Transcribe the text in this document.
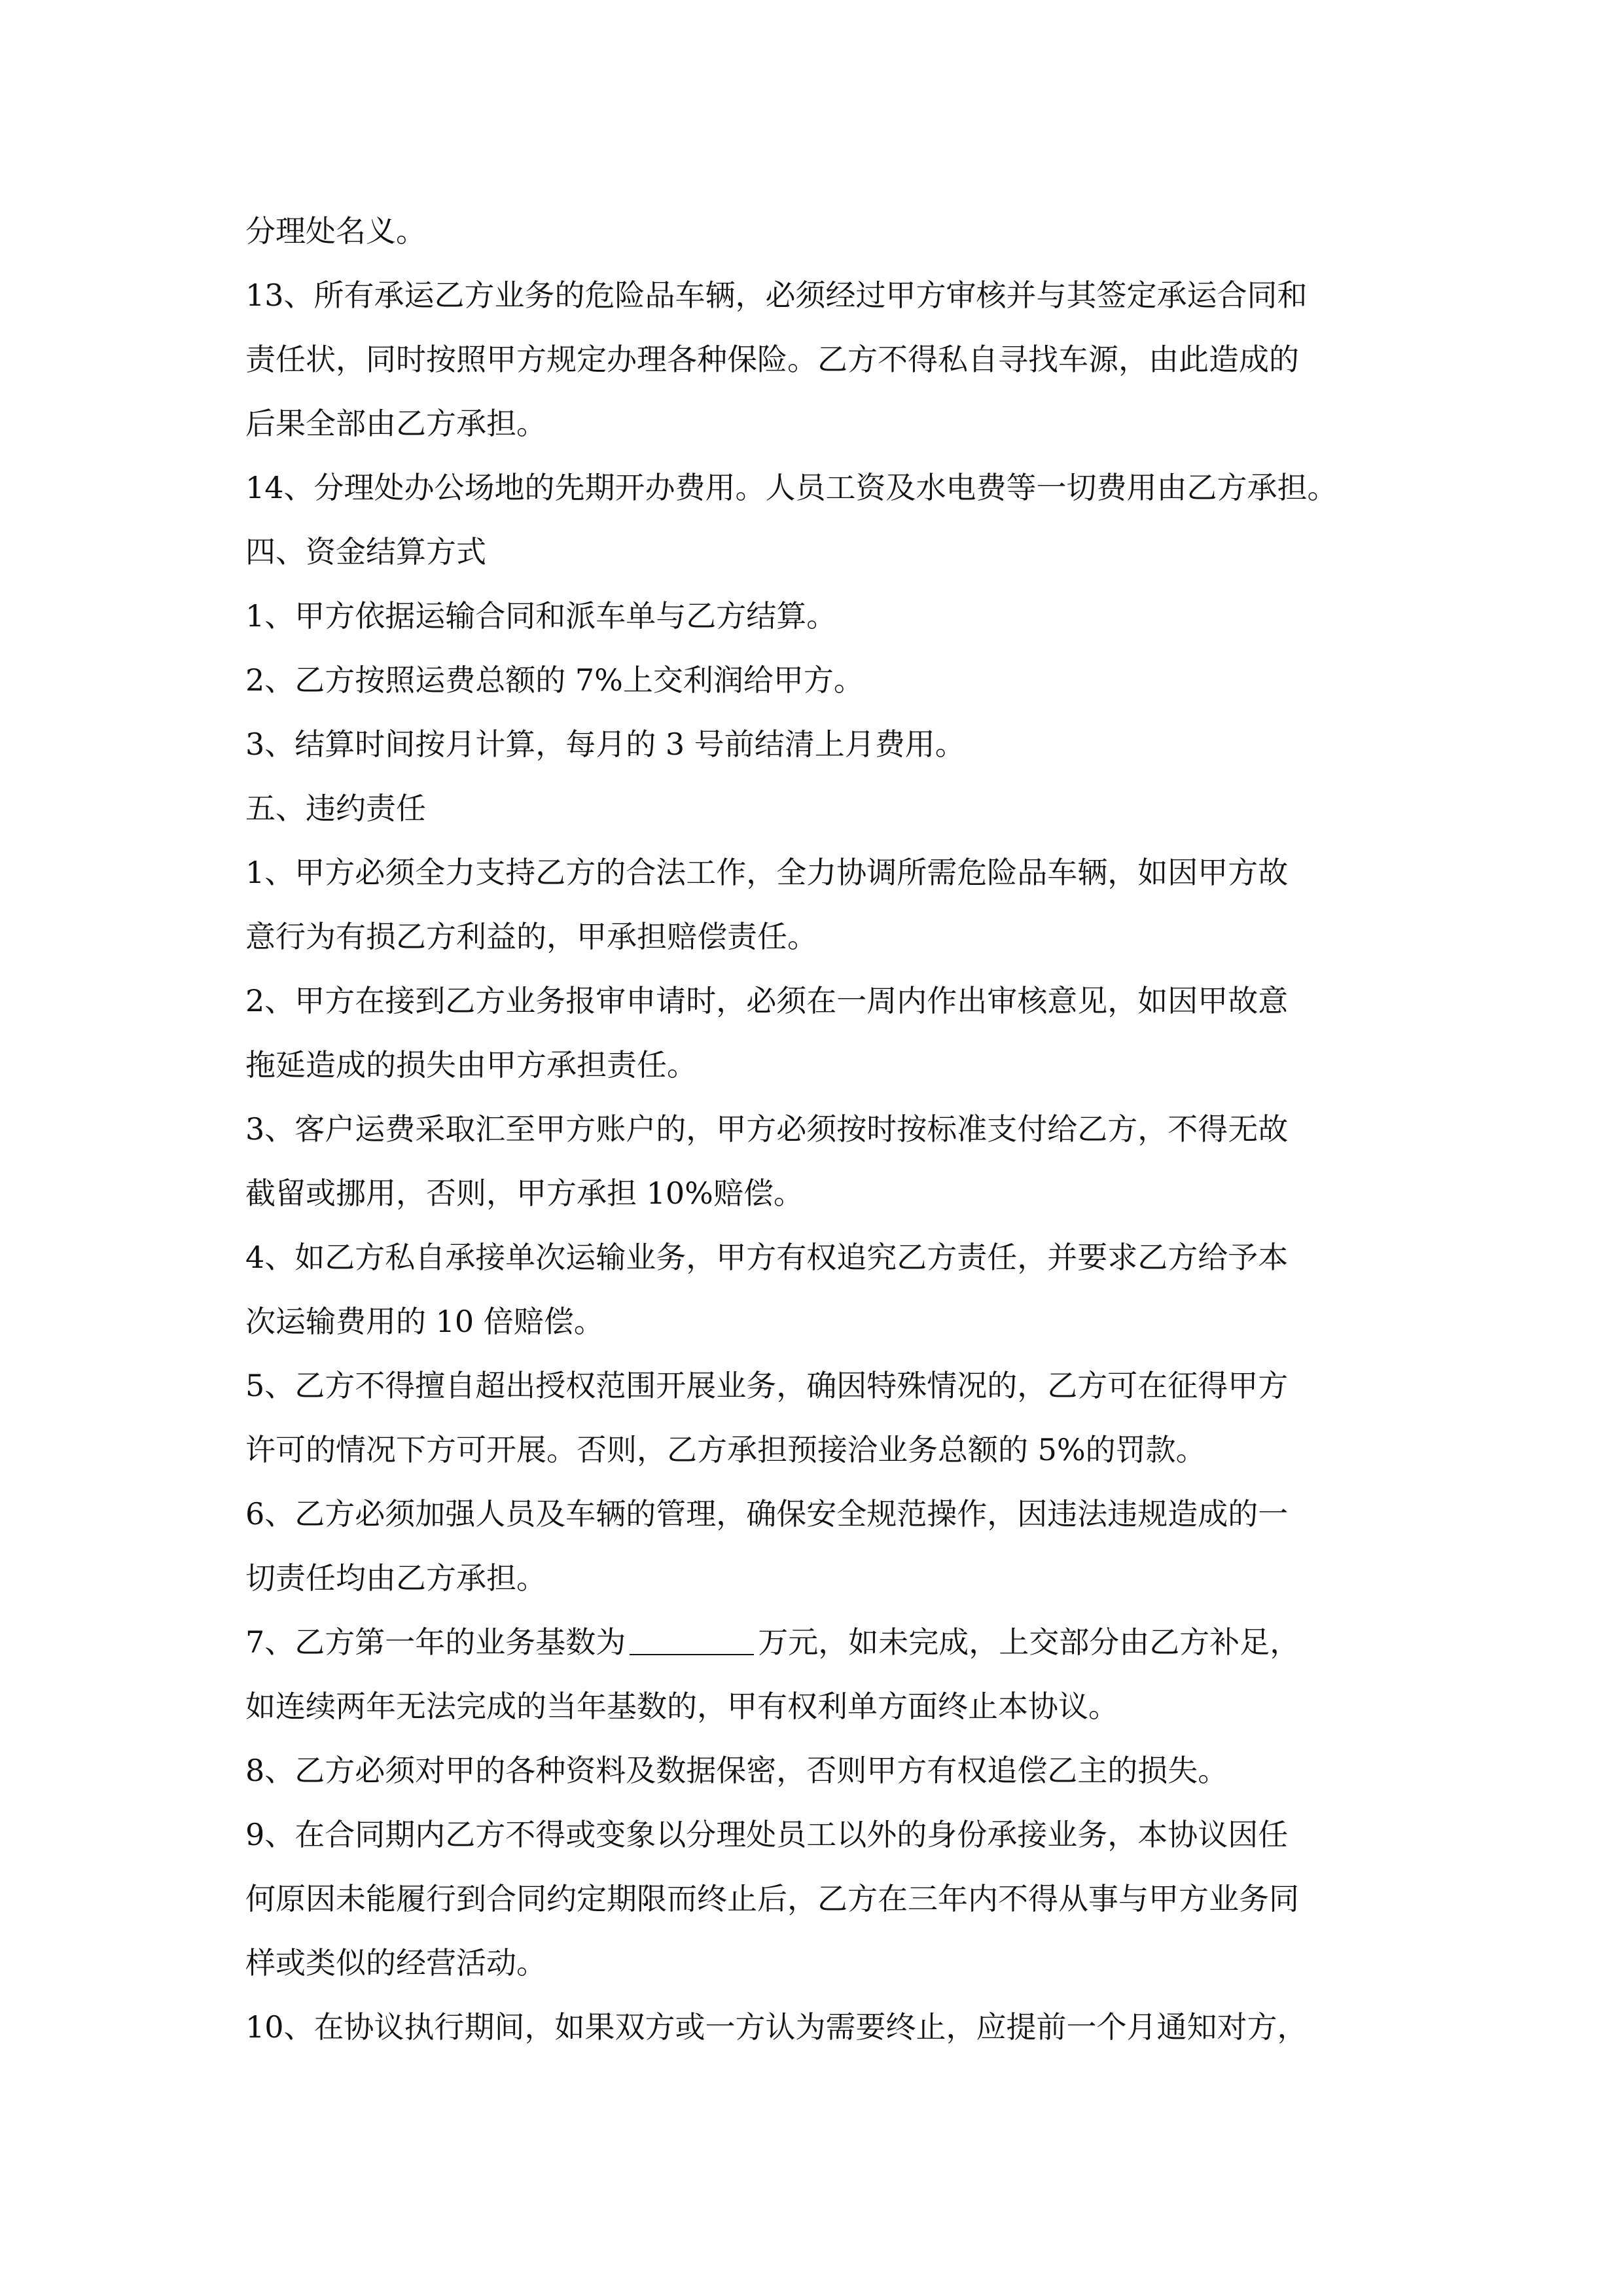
分理处名义。
13、所有承运乙方业务的危险品车辆，必须经过甲方审核并与其签定承运合同和
责任状，同时按照甲方规定办理各种保险。乙方不得私自寻找车源，由此造成的
后果全部由乙方承担。
14、分理处办公场地的先期开办费用。人员工资及水电费等一切费用由乙方承担。
四、资金结算方式
1、甲方依据运输合同和派车单与乙方结算。
2、乙方按照运费总额的 7%上交利润给甲方。
3、结算时间按月计算，每月的 3 号前结清上月费用。
五、违约责任
1、甲方必须全力支持乙方的合法工作，全力协调所需危险品车辆，如因甲方故
意行为有损乙方利益的，甲承担赔偿责任。
2、甲方在接到乙方业务报审申请时，必须在一周内作出审核意见，如因甲故意
拖延造成的损失由甲方承担责任。
3、客户运费采取汇至甲方账户的，甲方必须按时按标准支付给乙方，不得无故
截留或挪用，否则，甲方承担 10%赔偿。
4、如乙方私自承接单次运输业务，甲方有权追究乙方责任，并要求乙方给予本
次运输费用的 10 倍赔偿。
5、乙方不得擅自超出授权范围开展业务，确因特殊情况的，乙方可在征得甲方
许可的情况下方可开展。否则，乙方承担预接洽业务总额的 5%的罚款。
6、乙方必须加强人员及车辆的管理，确保安全规范操作，因违法违规造成的一
切责任均由乙方承担。
7、乙方第一年的业务基数为	万元，如未完成，上交部分由乙方补足，
如连续两年无法完成的当年基数的，甲有权利单方面终止本协议。
8、乙方必须对甲的各种资料及数据保密，否则甲方有权追偿乙主的损失。
9、在合同期内乙方不得或变象以分理处员工以外的身份承接业务，本协议因任
何原因未能履行到合同约定期限而终止后，乙方在三年内不得从事与甲方业务同
样或类似的经营活动。
10、在协议执行期间，如果双方或一方认为需要终止，应提前一个月通知对方，
